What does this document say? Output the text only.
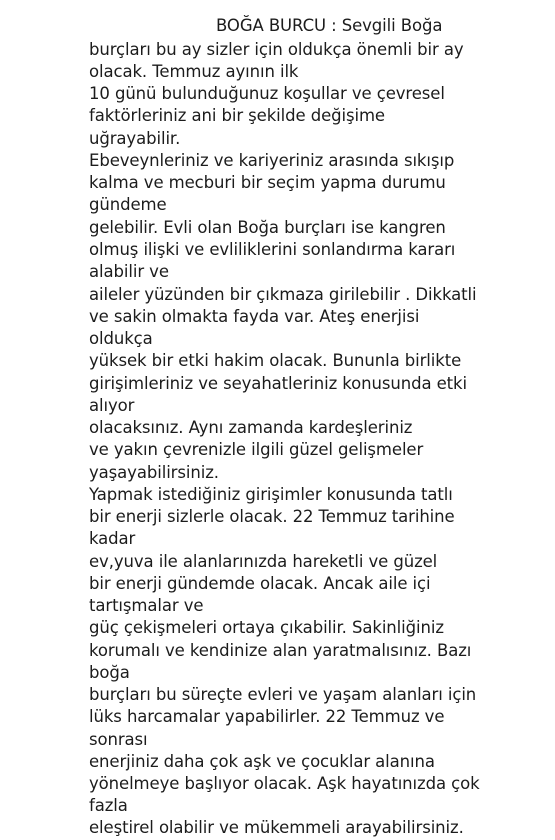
BOĞA BURCU : Sevgili Boğa
burçları bu ay sizler için oldukça önemli bir ay
olacak. Temmuz ayının ilk
10 günü bulunduğunuz koşullar ve çevresel
faktörleriniz ani bir şekilde değişime
uğrayabilir.
Ebeveynleriniz ve kariyeriniz arasında sıkışıp
kalma ve mecburi bir seçim yapma durumu
gündeme
gelebilir. Evli olan Boğa burçları ise kangren
olmuş ilişki ve evliliklerini sonlandırma kararı
alabilir ve
aileler yüzünden bir çıkmaza girilebilir . Dikkatli
ve sakin olmakta fayda var. Ateş enerjisi
oldukça
yüksek bir etki hakim olacak. Bununla birlikte
girişimleriniz ve seyahatleriniz konusunda etki
alıyor
olacaksınız. Aynı zamanda kardeşleriniz
ve yakın çevrenizle ilgili güzel gelişmeler
yaşayabilirsiniz.
Yapmak istediğiniz girişimler konusunda tatlı
bir enerji sizlerle olacak. 22 Temmuz tarihine
kadar
ev,yuva ile alanlarınızda hareketli ve güzel
bir enerji gündemde olacak. Ancak aile içi
tartışmalar ve
güç çekişmeleri ortaya çıkabilir. Sakinliğiniz
korumalı ve kendinize alan yaratmalısınız. Bazı
boğa
burçları bu süreçte evleri ve yaşam alanları için
lüks harcamalar yapabilirler. 22 Temmuz ve
sonrası
enerjiniz daha çok aşk ve çocuklar alanına
yönelmeye başlıyor olacak. Aşk hayatınızda çok
fazla
eleştirel olabilir ve mükemmeli arayabilirsiniz.
